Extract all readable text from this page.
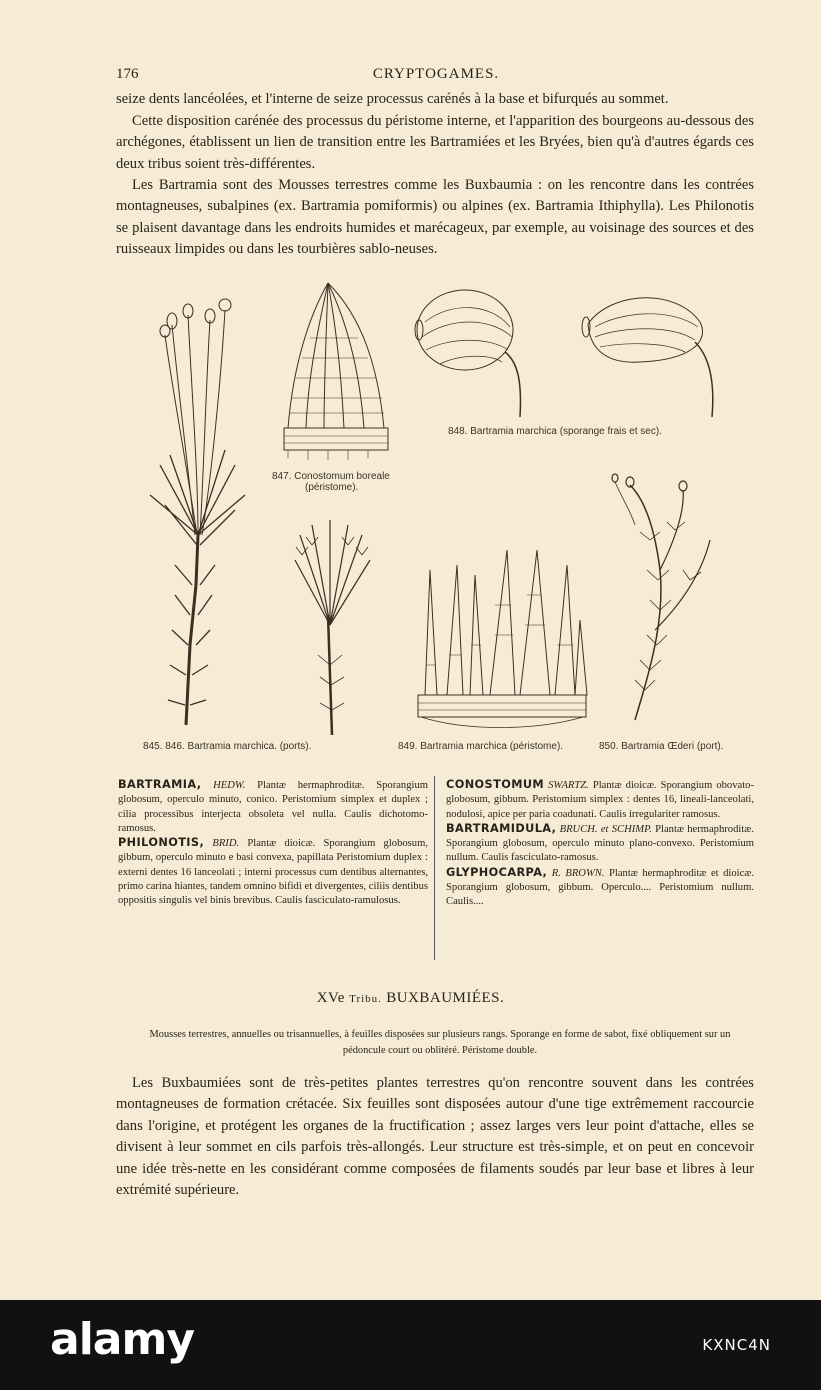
176	CRYPTOGAMES.

seize dents lancéolées, et l'interne de seize processus carénés à la base et bifurqués au sommet.

Cette disposition carénée des processus du péristome interne, et l'apparition des bourgeons au-dessous des archégones, établissent un lien de transition entre les Bartramiées et les Bryées, bien qu'à d'autres égards ces deux tribus soient très-différentes.

Les Bartramia sont des Mousses terrestres comme les Buxbaumia : on les rencontre dans les contrées montagneuses, subalpines (ex. Bartramia pomiformis) ou alpines (ex. Bartramia Ithiphylla). Les Philonotis se plaisent davantage dans les endroits humides et marécageux, par exemple, au voisinage des sources et des ruisseaux limpides ou dans les tourbières sablo-neuses.

845. 846. Bartramia marchica. (ports).
847. Conostomum boreale
(péristome).
848. Bartramia marchica (sporange frais et sec).
849. Bartramia marchica (péristome).	850. Bartramia Œderi (port).

BARTRAMIA, HEDW. Plantæ hermaphroditæ. Sporangium globosum, operculo minuto, conico. Peristomium simplex et duplex ; cilia processibus interjecta obsoleta vel nulla. Caulis dichotomo-ramosus.

PHILONOTIS, BRID. Plantæ dioicæ. Sporangium globosum, gibbum, operculo minuto e basi convexa, papillata Peristomium duplex : externi dentes 16 lanceolati ; interni processus cum dentibus alternantes, primo carina hiantes, tandem omnino bifidi et divergentes, ciliis dentibus oppositis singulis vel binis brevibus. Caulis fasciculato-ramulosus.

CONOSTOMUM SWARTZ. Plantæ dioicæ. Sporangium obovato-globosum, gibbum. Peristomium simplex : dentes 16, lineali-lanceolati, nodulosi, apice per paria coadunati. Caulis irregulariter ramosus.

BARTRAMIDULA, BRUCH. et SCHIMP. Plantæ hermaphroditæ. Sporangium globosum, operculo minuto plano-convexo. Peristomium nullum. Caulis fasciculato-ramosus.

GLYPHOCARPA, R. BROWN. Plantæ hermaphroditæ et dioicæ. Sporangium globosum, gibbum. Operculo.... Peristomium nullum. Caulis....

XVe Tribu. BUXBAUMIÉES.

Mousses terrestres, annuelles ou trisannuelles, à feuilles disposées sur plusieurs rangs. Sporange en forme de sabot, fixé obliquement sur un pédoncule court ou oblitéré. Péristome double.

Les Buxbaumiées sont de très-petites plantes terrestres qu'on rencontre souvent dans les contrées montagneuses de formation crétacée. Six feuilles sont disposées autour d'une tige extrêmement raccourcie dans l'origine, et protégent les organes de la fructification ; assez larges vers leur point d'attache, elles se divisent à leur sommet en cils parfois très-allongés. Leur structure est très-simple, et on peut en concevoir une idée très-nette en les considérant comme composées de filaments soudés par leur base et libres à leur extrémité supérieure.

alamy	KXNC4N
